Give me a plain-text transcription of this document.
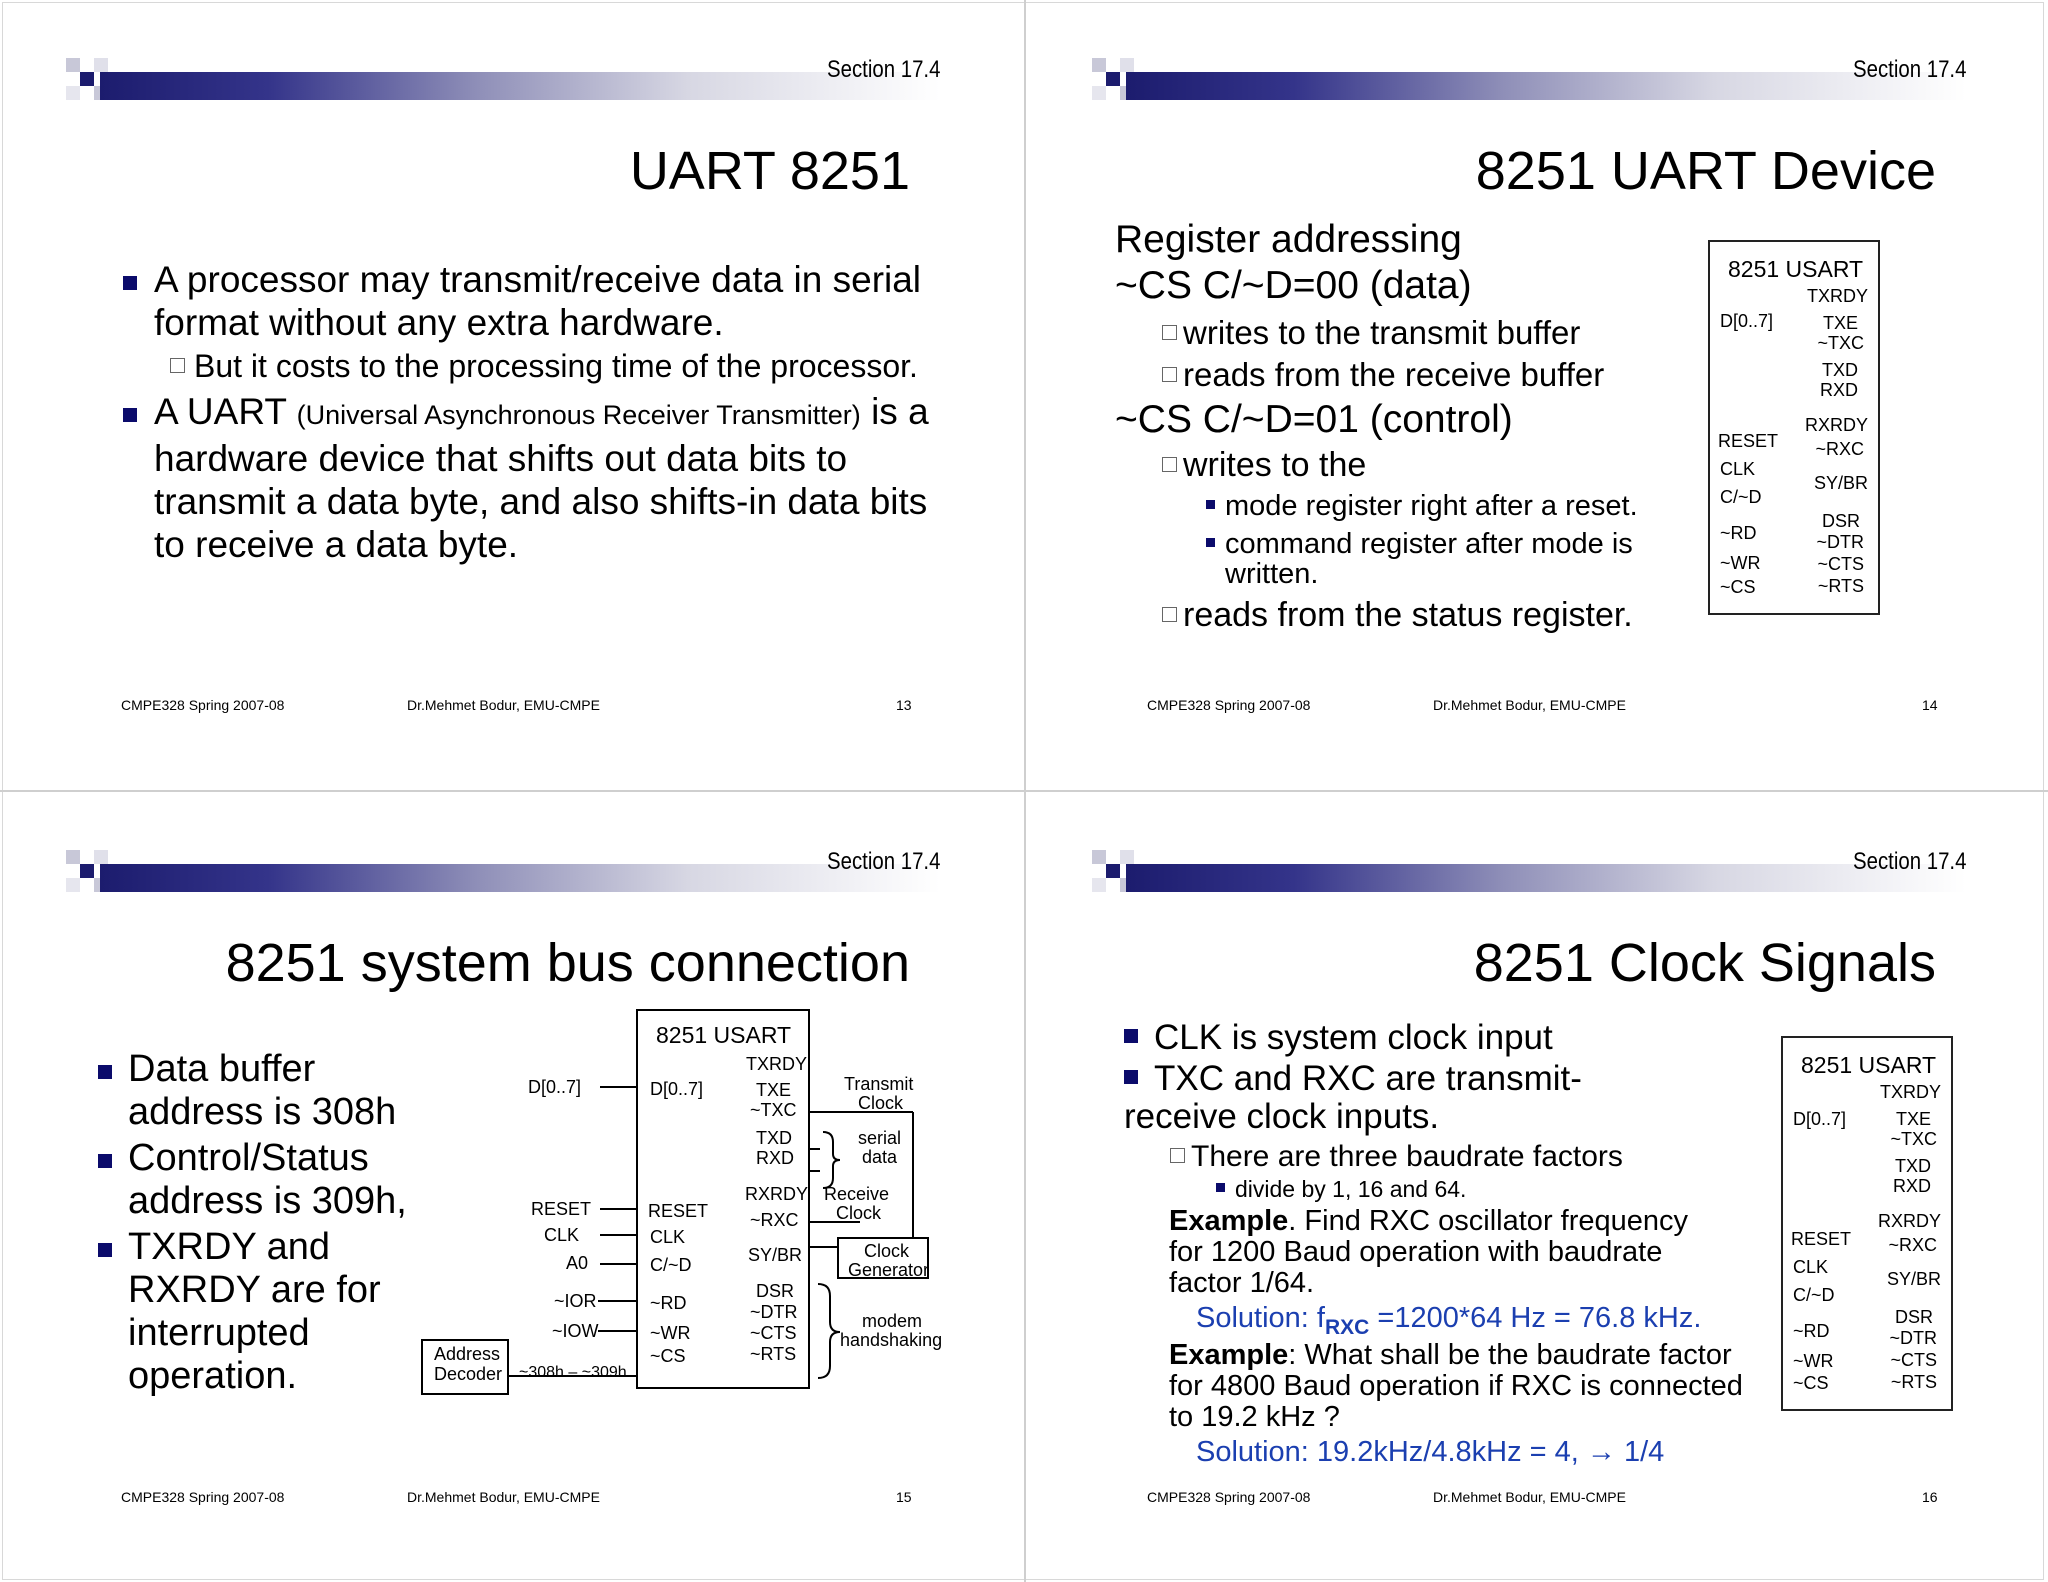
Section 17.4
UART 8251
A processor may transmit/receive data in serial format without any extra hardware.
But it costs to the processing time of the processor.
A UART (Universal Asynchronous Receiver Transmitter) is a hardware device that shifts out data bits to transmit a data byte, and also shifts-in data bits to receive a data byte.
CMPE328 Spring 2007-08	Dr.Mehmet Bodur, EMU-CMPE	13
Section 17.4
8251 UART Device
Register addressing
~CS C/~D=00 (data)
writes to the transmit buffer
reads from the receive buffer
~CS C/~D=01 (control)
writes to the
mode register right after a reset.
command register after mode is
written.
reads from the status register.
8251 USART
D[0..7]
RESET
CLK
C/~D
~RD
~WR
~CS
TXRDY
TXE
~TXC
TXD
RXD
RXRDY
~RXC
SY/BR
DSR
~DTR
~CTS
~RTS
CMPE328 Spring 2007-08	Dr.Mehmet Bodur, EMU-CMPE	14
Section 17.4
8251 system bus connection
Data buffer address is 308h
Control/Status address is 309h,
TXRDY and RXRDY are for interrupted operation.
8251 USART
D[0..7]
RESET
CLK
A0
~IOR
~IOW
Address
Decoder ~308h – ~309h
D[0..7]
RESET
CLK
C/~D
~RD
~WR
~CS
TXRDY
TXE
~TXC
TXD
RXD
RXRDY
~RXC
SY/BR
DSR
~DTR
~CTS
~RTS
Transmit
Clock
serial
data
Receive
Clock
Clock
Generator
modem
handshaking
CMPE328 Spring 2007-08	Dr.Mehmet Bodur, EMU-CMPE	15
Section 17.4
8251 Clock Signals
CLK is system clock input
TXC and RXC are transmit-receive clock inputs.
There are three baudrate factors
divide by 1, 16 and 64.
Example. Find RXC oscillator frequency for 1200 Baud operation with baudrate factor 1/64.
Solution: $f_{RXC} =1200*64$ Hz = 76.8 kHz.
Example: What shall be the baudrate factor for 4800 Baud operation if RXC is connected to 19.2 kHz ?
Solution: 19.2kHz/4.8kHz = 4, → 1/4
8251 USART
D[0..7]
RESET
CLK
C/~D
~RD
~WR
~CS
TXRDY
TXE
~TXC
TXD
RXD
RXRDY
~RXC
SY/BR
DSR
~DTR
~CTS
~RTS
CMPE328 Spring 2007-08	Dr.Mehmet Bodur, EMU-CMPE	16
